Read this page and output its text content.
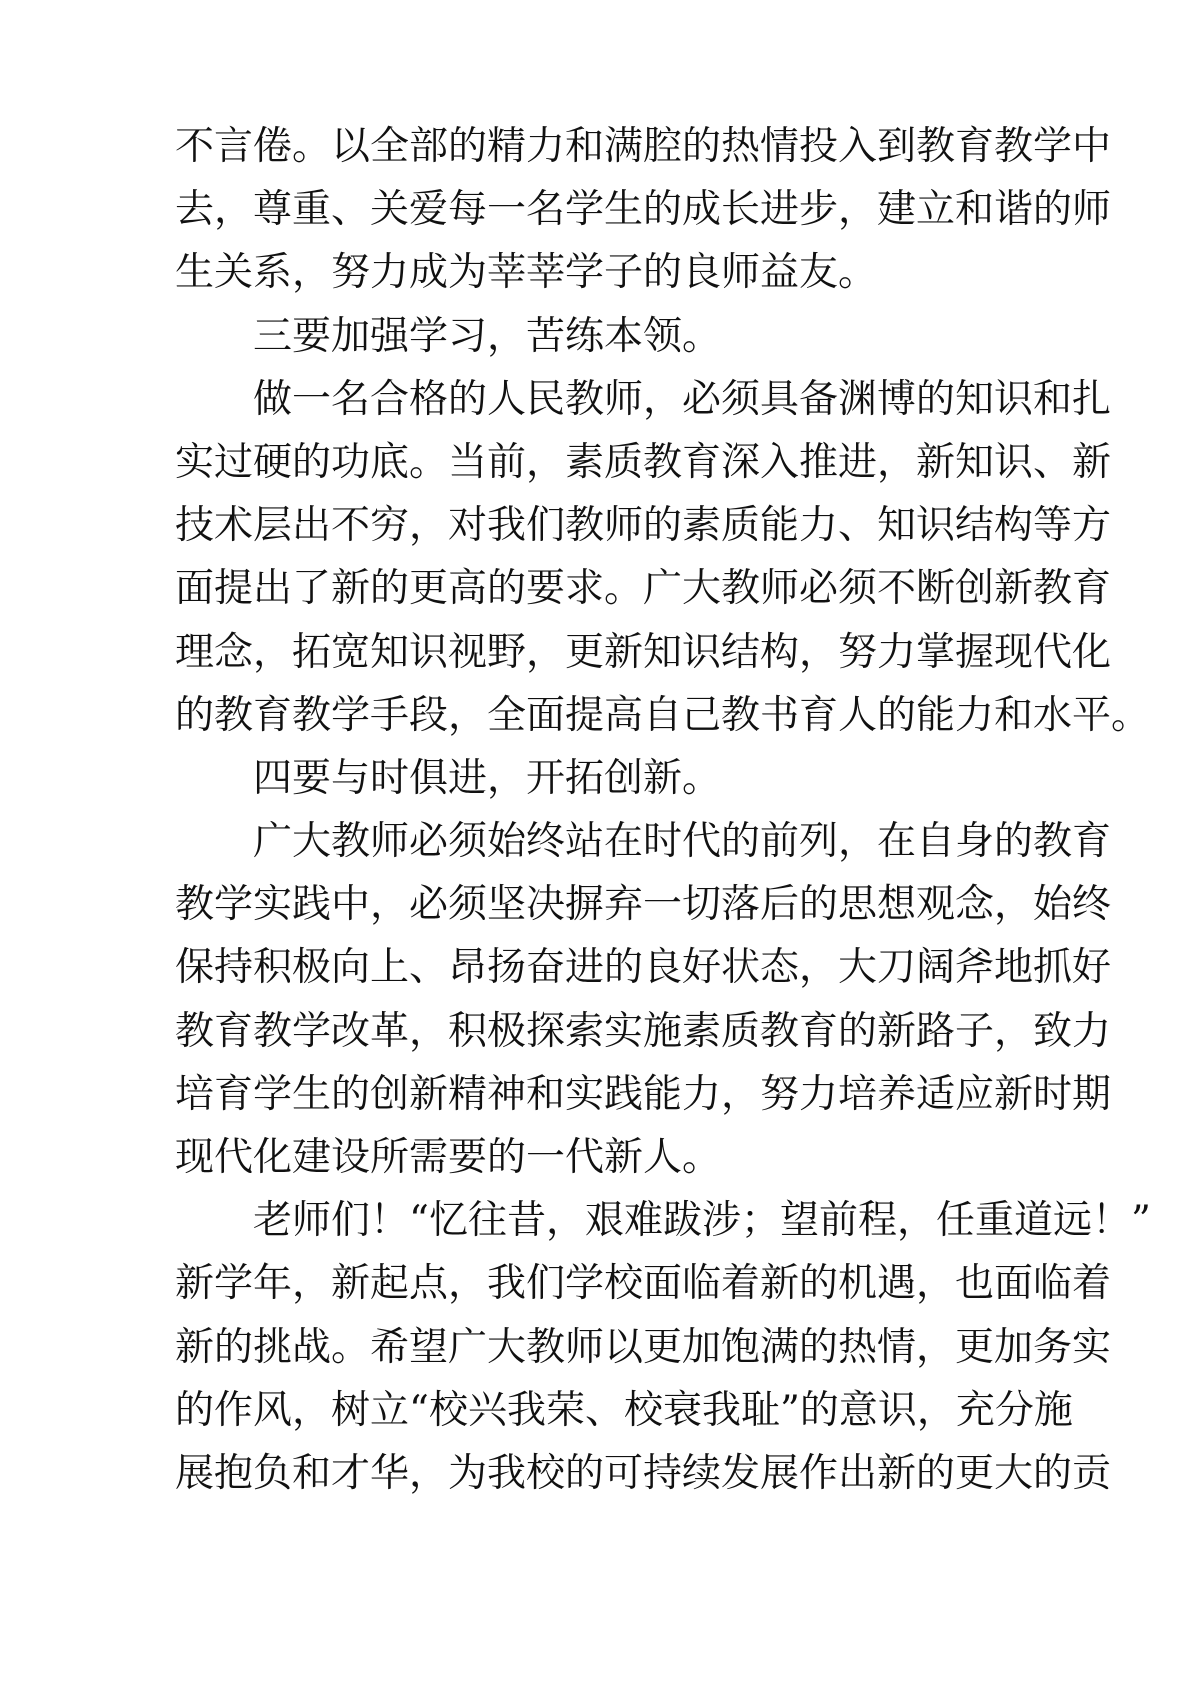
不言倦。以全部的精力和满腔的热情投入到教育教学中
去，尊重、关爱每一名学生的成长进步，建立和谐的师
生关系，努力成为莘莘学子的良师益友。
三要加强学习，苦练本领。
做一名合格的人民教师，必须具备渊博的知识和扎
实过硬的功底。当前，素质教育深入推进，新知识、新
技术层出不穷，对我们教师的素质能力、知识结构等方
面提出了新的更高的要求。广大教师必须不断创新教育
理念，拓宽知识视野，更新知识结构，努力掌握现代化
的教育教学手段，全面提高自己教书育人的能力和水平。
四要与时俱进，开拓创新。
广大教师必须始终站在时代的前列，在自身的教育
教学实践中，必须坚决摒弃一切落后的思想观念，始终
保持积极向上、昂扬奋进的良好状态，大刀阔斧地抓好
教育教学改革，积极探索实施素质教育的新路子，致力
培育学生的创新精神和实践能力，努力培养适应新时期
现代化建设所需要的一代新人。
老师们！“忆往昔，艰难跋涉；望前程，任重道远！”
新学年，新起点，我们学校面临着新的机遇，也面临着
新的挑战。希望广大教师以更加饱满的热情，更加务实
的作风，树立“校兴我荣、校衰我耻”的意识，充分施
展抱负和才华，为我校的可持续发展作出新的更大的贡
